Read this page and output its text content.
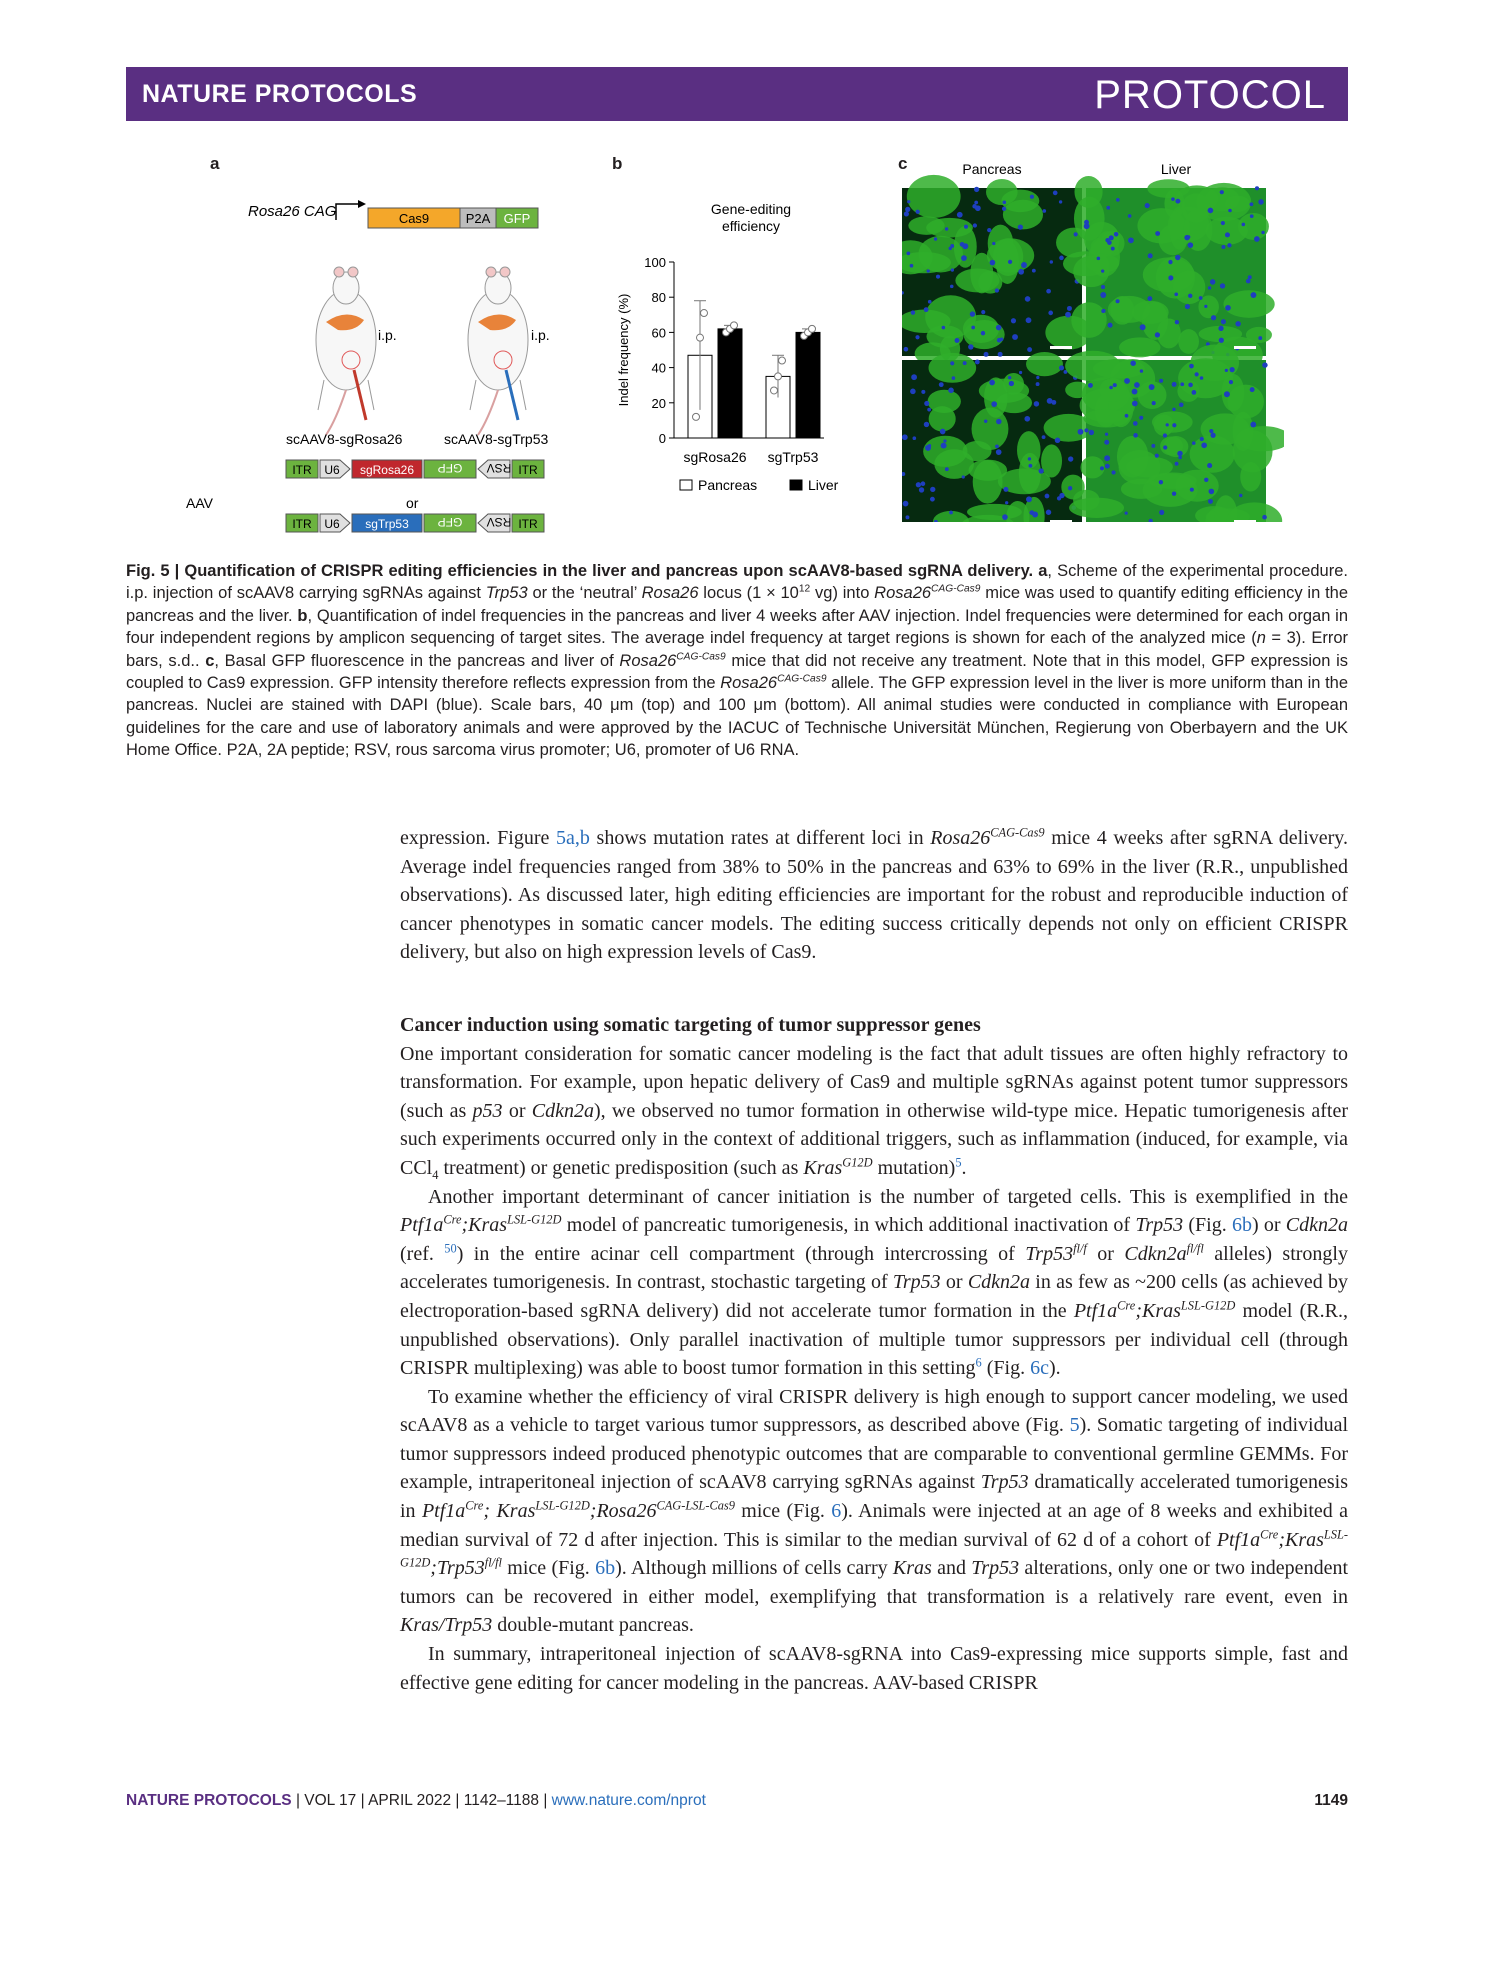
NATURE PROTOCOLS	PROTOCOL
a
Rosa26 CAG	Cas9	P2A GFP
i.p.	i.p.
scAAV8-sgRosa26	scAAV8-sgTrp53
ITR U6 sgRosa26 GFP RSV ITR
AAV	or
ITR U6 sgTrp53 GFP RSV ITR
b
Gene-editing
efficiency
0
20
40
60
80
100
Indel frequency (%)
sgRosa26 sgTrp53
Pancreas	Liver
c	Pancreas	Liver
Fig. 5 | Quantification of CRISPR editing efficiencies in the liver and pancreas upon scAAV8-based sgRNA delivery. a, Scheme of the experimental procedure. i.p. injection of scAAV8 carrying sgRNAs against Trp53 or the ‘neutral’ Rosa26 locus ($1 \times 10^{12}$ vg) into $Rosa26^{CAG-Cas9}$ mice was used to quantify editing efficiency in the pancreas and the liver. b, Quantification of indel frequencies in the pancreas and liver 4 weeks after AAV injection. Indel frequencies were determined for each organ in four independent regions by amplicon sequencing of target sites. The average indel frequency at target regions is shown for each of the analyzed mice (n = 3). Error bars, s.d.. c, Basal GFP fluorescence in the pancreas and liver of $Rosa26^{CAG-Cas9}$ mice that did not receive any treatment. Note that in this model, GFP expression is coupled to Cas9 expression. GFP intensity therefore reflects expression from the $Rosa26^{CAG-Cas9}$ allele. The GFP expression level in the liver is more uniform than in the pancreas. Nuclei are stained with DAPI (blue). Scale bars, 40 μm (top) and 100 μm (bottom). All animal studies were conducted in compliance with European guidelines for the care and use of laboratory animals and were approved by the IACUC of Technische Universität München, Regierung von Oberbayern and the UK Home Office. P2A, 2A peptide; RSV, rous sarcoma virus promoter; U6, promoter of U6 RNA.

expression. Figure 5a,b shows mutation rates at different loci in $Rosa26^{CAG-Cas9}$ mice 4 weeks after sgRNA delivery. Average indel frequencies ranged from 38% to 50% in the pancreas and 63% to 69% in the liver (R.R., unpublished observations). As discussed later, high editing efficiencies are important for the robust and reproducible induction of cancer phenotypes in somatic cancer models. The editing success critically depends not only on efficient CRISPR delivery, but also on high expression levels of Cas9.

Cancer induction using somatic targeting of tumor suppressor genes

One important consideration for somatic cancer modeling is the fact that adult tissues are often highly refractory to transformation. For example, upon hepatic delivery of Cas9 and multiple sgRNAs against potent tumor suppressors (such as p53 or Cdkn2a), we observed no tumor formation in otherwise wild-type mice. Hepatic tumorigenesis after such experiments occurred only in the context of additional triggers, such as inflammation (induced, for example, via CCl$_4$ treatment) or genetic predisposition (such as Kras$^{G12D}$ mutation)$^5$.

Another important determinant of cancer initiation is the number of targeted cells. This is exemplified in the $Ptf1a^{Cre};Kras^{LSL-G12D}$ model of pancreatic tumorigenesis, in which additional inactivation of Trp53 (Fig. 6b) or Cdkn2a (ref. $^{50}$) in the entire acinar cell compartment (through intercrossing of $Trp53^{fl/f}$ or $Cdkn2a^{fl/fl}$ alleles) strongly accelerates tumorigenesis. In contrast, stochastic targeting of Trp53 or Cdkn2a in as few as ~200 cells (as achieved by electroporation-based sgRNA delivery) did not accelerate tumor formation in the $Ptf1a^{Cre};Kras^{LSL-G12D}$ model (R.R., unpublished observations). Only parallel inactivation of multiple tumor suppressors per individual cell (through CRISPR multiplexing) was able to boost tumor formation in this setting$^6$ (Fig. 6c).

To examine whether the efficiency of viral CRISPR delivery is high enough to support cancer modeling, we used scAAV8 as a vehicle to target various tumor suppressors, as described above (Fig. 5). Somatic targeting of individual tumor suppressors indeed produced phenotypic outcomes that are comparable to conventional germline GEMMs. For example, intraperitoneal injection of scAAV8 carrying sgRNAs against Trp53 dramatically accelerated tumorigenesis in $Ptf1a^{Cre}$; $Kras^{LSL-G12D};Rosa26^{CAG-LSL-Cas9}$ mice (Fig. 6). Animals were injected at an age of 8 weeks and exhibited a median survival of 72 d after injection. This is similar to the median survival of 62 d of a cohort of $Ptf1a^{Cre};Kras^{LSL-G12D};Trp53^{fl/fl}$ mice (Fig. 6b). Although millions of cells carry Kras and Trp53 alterations, only one or two independent tumors can be recovered in either model, exemplifying that transformation is a relatively rare event, even in Kras/Trp53 double-mutant pancreas.

In summary, intraperitoneal injection of scAAV8-sgRNA into Cas9-expressing mice supports simple, fast and effective gene editing for cancer modeling in the pancreas. AAV-based CRISPR

NATURE PROTOCOLS | VOL 17 | APRIL 2022 | 1142–1188 | www.nature.com/nprot	1149
